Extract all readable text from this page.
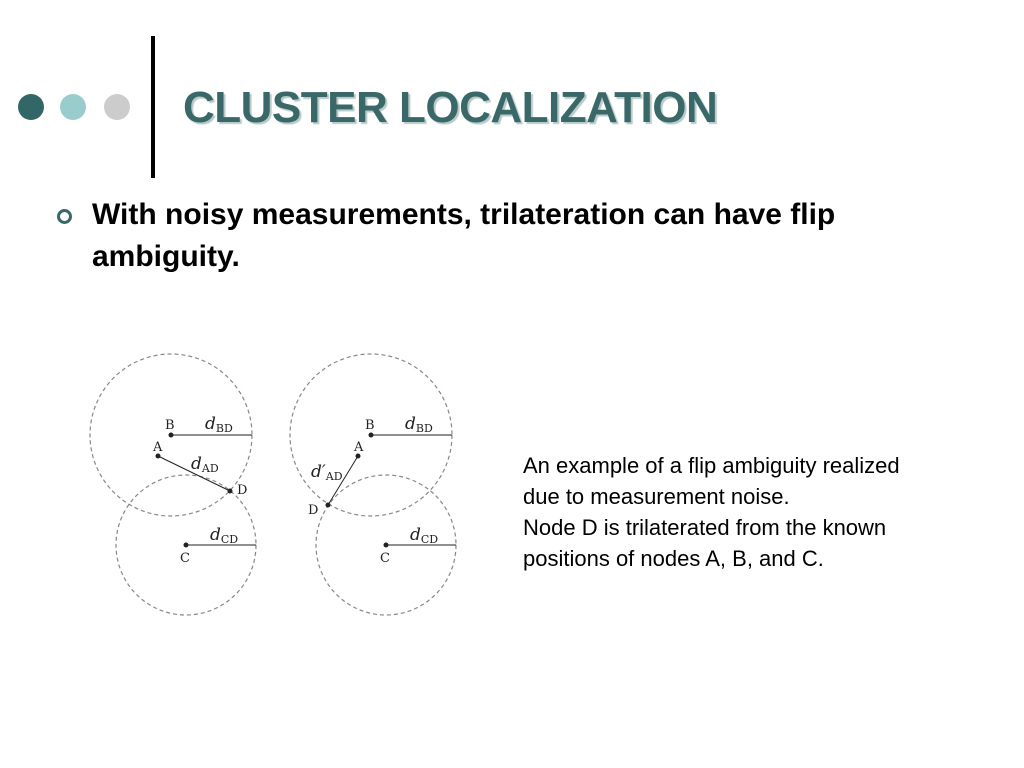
CLUSTER LOCALIZATION
With noisy measurements, trilateration can have flip ambiguity.
B
A
D
C
dBD
dAD
dCD
B
A
D
C
dBD
d′AD
dCD
An example of a flip ambiguity realized
due to measurement noise.
Node D is trilaterated from the known
positions of nodes A, B, and C.
